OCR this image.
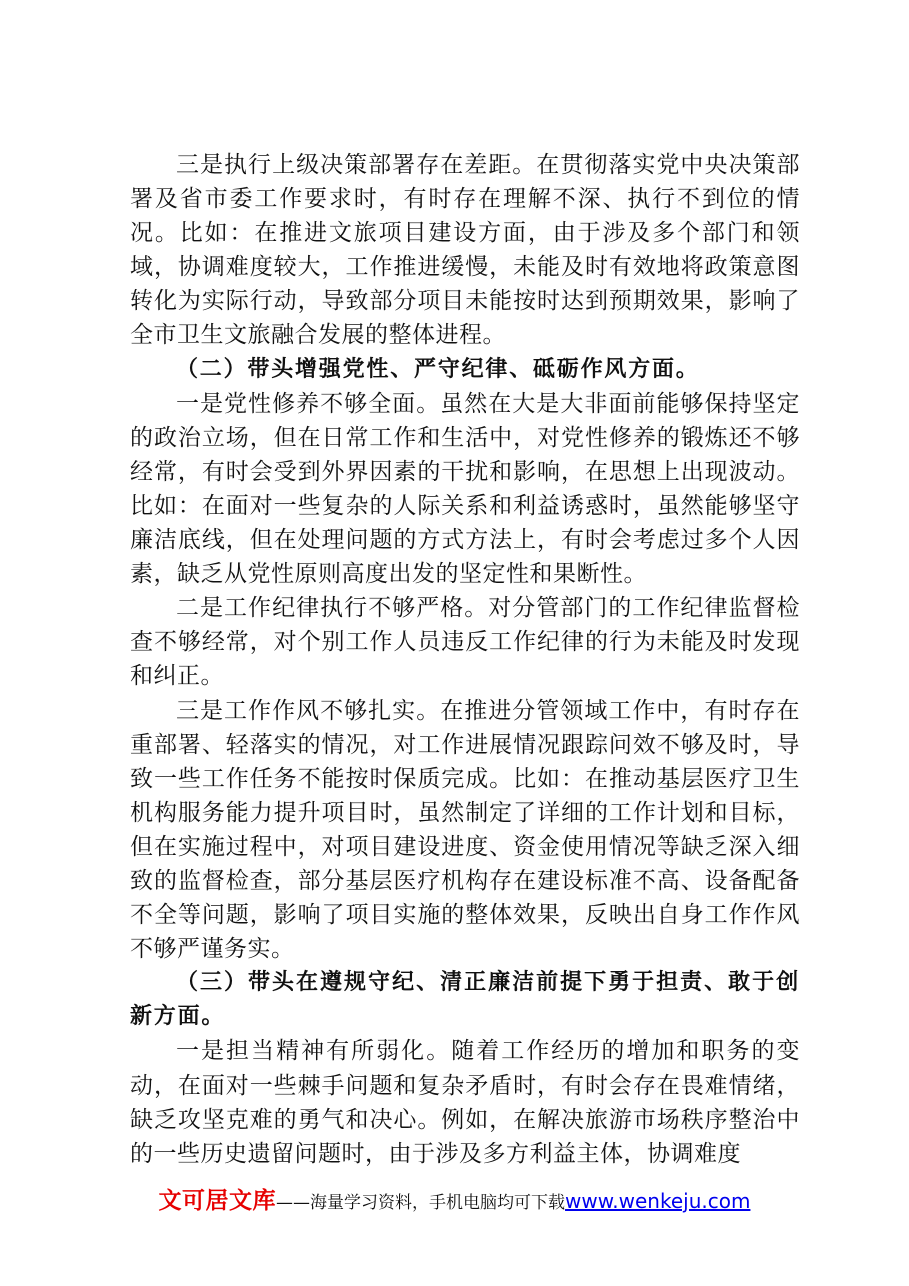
三是执行上级决策部署存在差距。在贯彻落实党中央决策部署及省市委工作要求时，有时存在理解不深、执行不到位的情况。比如：在推进文旅项目建设方面，由于涉及多个部门和领域，协调难度较大，工作推进缓慢，未能及时有效地将政策意图转化为实际行动，导致部分项目未能按时达到预期效果，影响了全市卫生文旅融合发展的整体进程。

（二）带头增强党性、严守纪律、砥砺作风方面。

一是党性修养不够全面。虽然在大是大非面前能够保持坚定的政治立场，但在日常工作和生活中，对党性修养的锻炼还不够经常，有时会受到外界因素的干扰和影响，在思想上出现波动。比如：在面对一些复杂的人际关系和利益诱惑时，虽然能够坚守廉洁底线，但在处理问题的方式方法上，有时会考虑过多个人因素，缺乏从党性原则高度出发的坚定性和果断性。

二是工作纪律执行不够严格。对分管部门的工作纪律监督检查不够经常，对个别工作人员违反工作纪律的行为未能及时发现和纠正。

三是工作作风不够扎实。在推进分管领域工作中，有时存在重部署、轻落实的情况，对工作进展情况跟踪问效不够及时，导致一些工作任务不能按时保质完成。比如：在推动基层医疗卫生机构服务能力提升项目时，虽然制定了详细的工作计划和目标，但在实施过程中，对项目建设进度、资金使用情况等缺乏深入细致的监督检查，部分基层医疗机构存在建设标准不高、设备配备不全等问题，影响了项目实施的整体效果，反映出自身工作作风不够严谨务实。

（三）带头在遵规守纪、清正廉洁前提下勇于担责、敢于创新方面。

一是担当精神有所弱化。随着工作经历的增加和职务的变动，在面对一些棘手问题和复杂矛盾时，有时会存在畏难情绪，缺乏攻坚克难的勇气和决心。例如，在解决旅游市场秩序整治中的一些历史遗留问题时，由于涉及多方利益主体，协调难度

文可居文库——海量学习资料，手机电脑均可下载www.wenkeju.com
